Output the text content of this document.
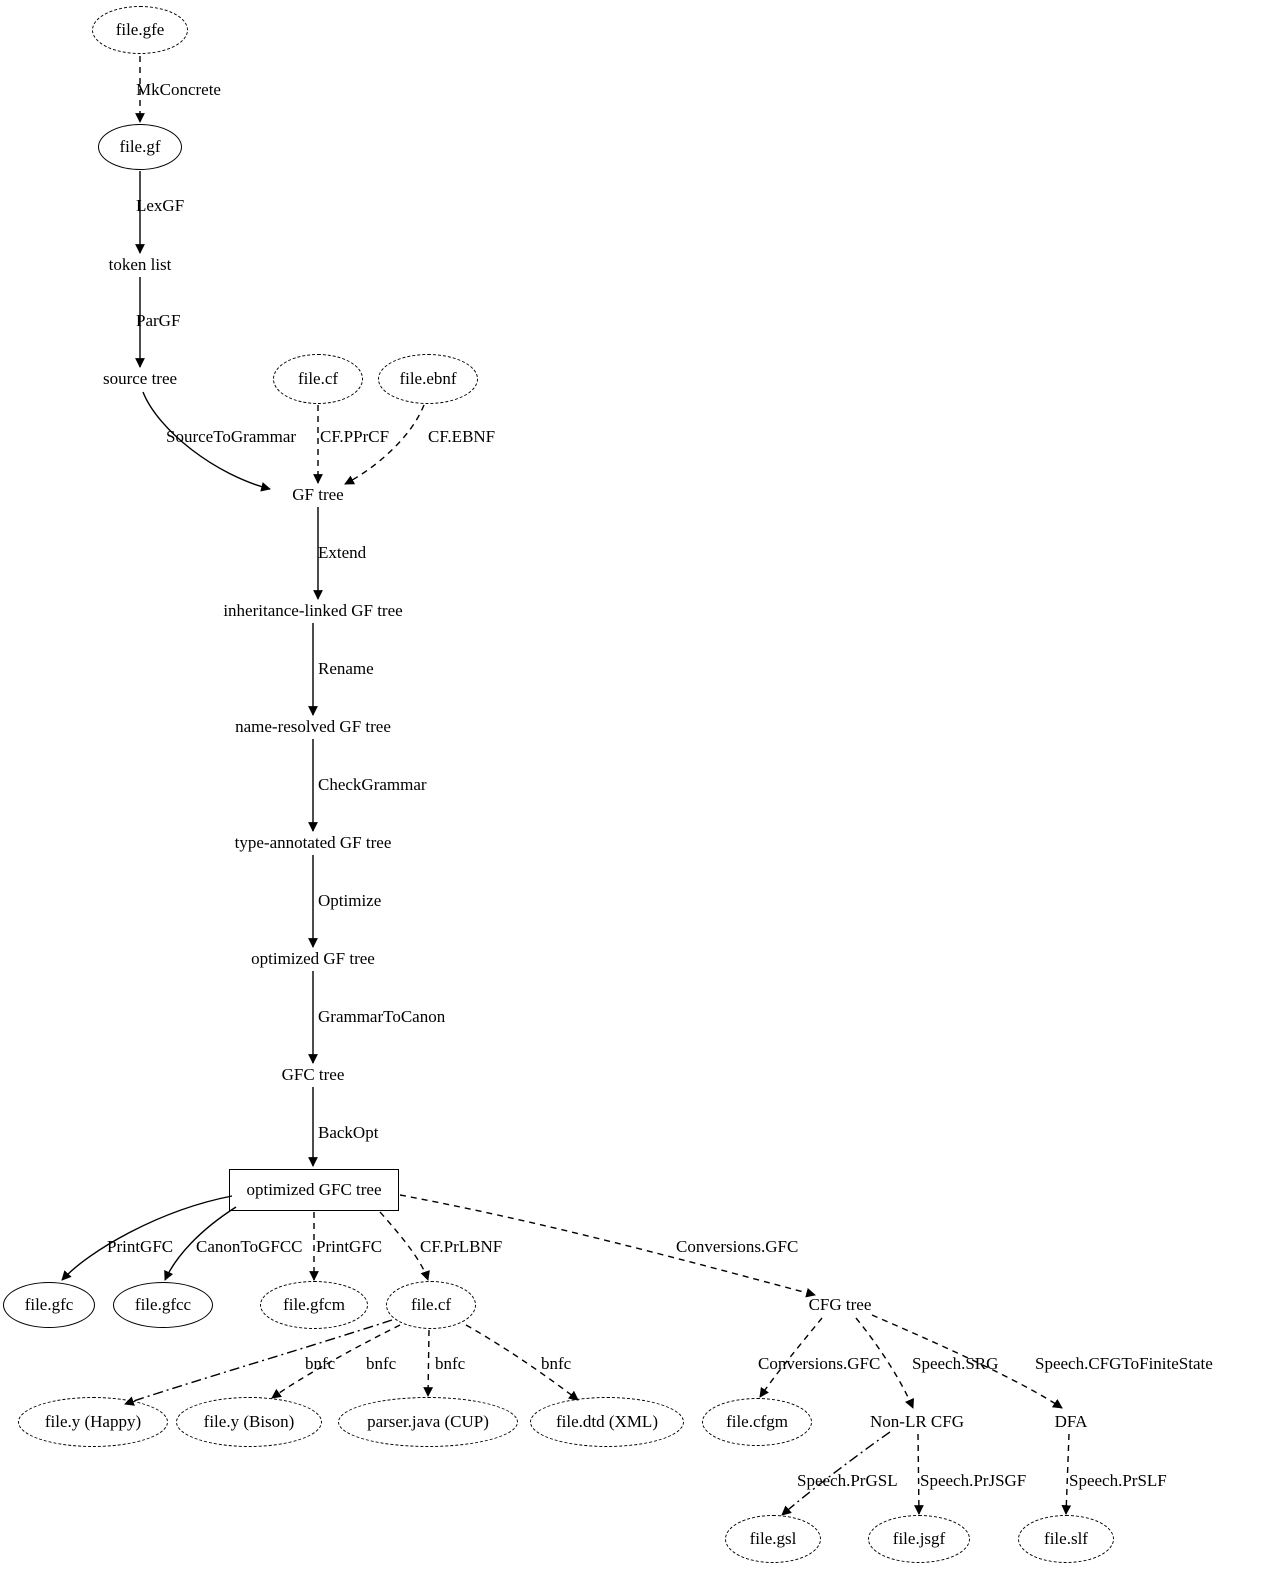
file.gfe
file.gf
token list
source tree	file.cf	file.ebnf
GF tree
inheritance-linked GF tree
name-resolved GF tree
type-annotated GF tree
optimized GF tree
GFC tree
optimized GFC tree
file.gfc	file.gfcc	file.gfcm	file.cf	CFG tree
file.y (Happy)	file.y (Bison)	parser.java (CUP)	file.dtd (XML)	file.cfgm	Non-LR CFG	DFA
file.gsl	file.jsgf	file.slf
MkConcrete
LexGF
ParGF
SourceToGrammar CF.PPrCF CF.EBNF
Extend
Rename
CheckGrammar
Optimize
GrammarToCanon
BackOpt
PrintGFC CanonToGFCC PrintGFC CF.PrLBNF	Conversions.GFC
bnfc bnfc bnfc	bnfc	Conversions.GFC Speech.SRG Speech.CFGToFiniteState
Speech.PrGSL Speech.PrJSGF	Speech.PrSLF
